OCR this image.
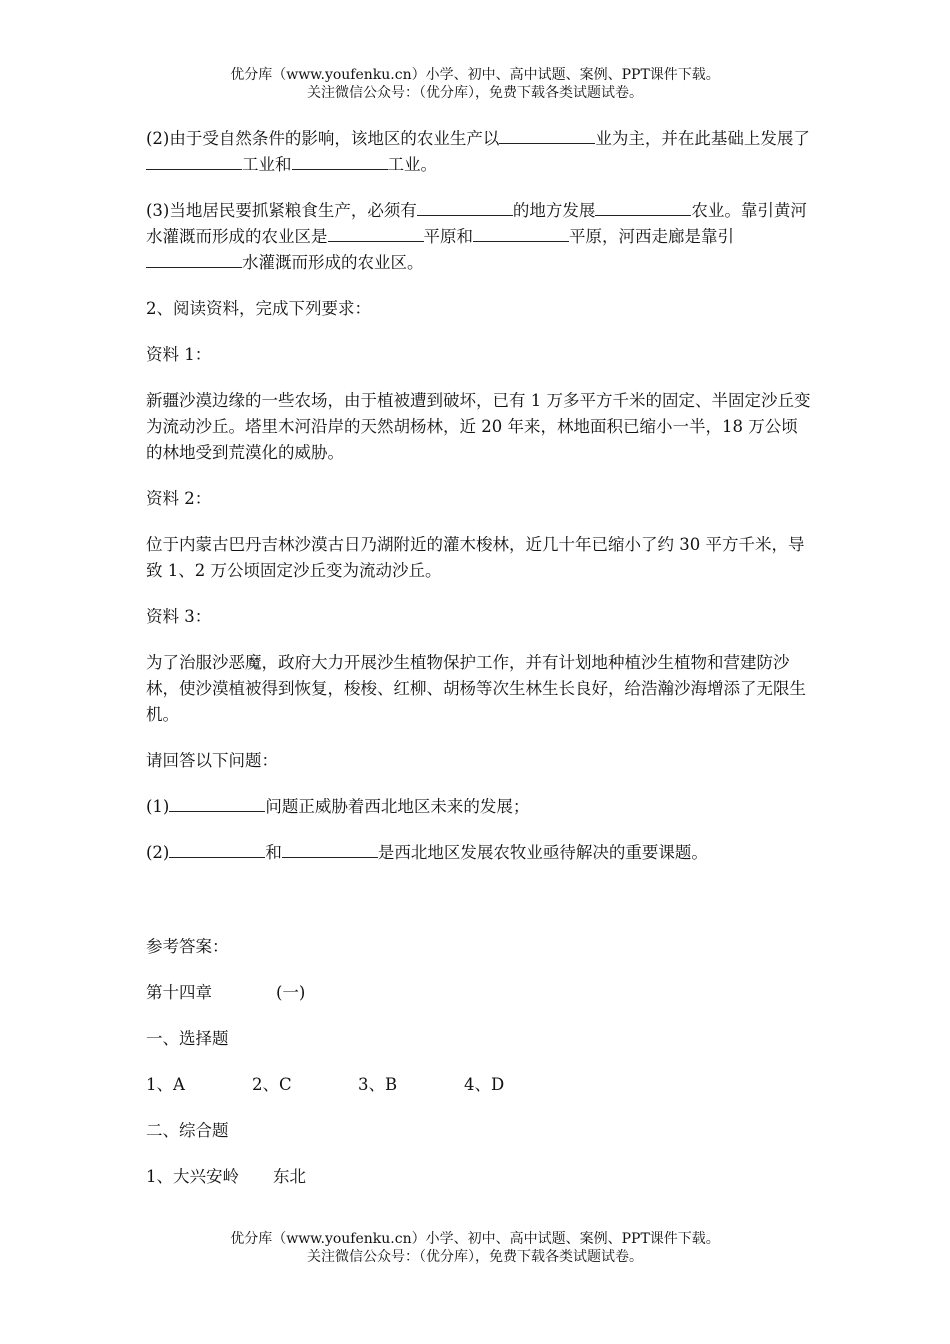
优分库（www.youfenku.cn）小学、初中、高中试题、案例、PPT课件下载。
关注微信公众号：（优分库），免费下载各类试题试卷。

(2)由于受自然条件的影响，该地区的农业生产以	业为主，并在此基础上发展了工业和	工业。

(3)当地居民要抓紧粮食生产，必须有	的地方发展	农业。靠引黄河水灌溉而形成的农业区是	平原和	平原，河西走廊是靠引水灌溉而形成的农业区。

2、阅读资料，完成下列要求：

资料 1：

新疆沙漠边缘的一些农场，由于植被遭到破坏，已有 1 万多平方千米的固定、半固定沙丘变为流动沙丘。塔里木河沿岸的天然胡杨林，近 20 年来，林地面积已缩小一半，18 万公顷的林地受到荒漠化的威胁。

资料 2：

位于内蒙古巴丹吉林沙漠古日乃湖附近的灌木梭林，近几十年已缩小了约 30 平方千米，导致 1、2 万公顷固定沙丘变为流动沙丘。

资料 3：

为了治服沙恶魔，政府大力开展沙生植物保护工作，并有计划地种植沙生植物和营建防沙林，使沙漠植被得到恢复，梭梭、红柳、胡杨等次生林生长良好，给浩瀚沙海增添了无限生机。

请回答以下问题：

(1)	问题正威胁着西北地区未来的发展；

(2)	和	是西北地区发展农牧业亟待解决的重要课题。

参考答案：

第十四章	(一)

一、选择题

1、A	2、C	3、B	4、D

二、综合题

1、大兴安岭 东北

优分库（www.youfenku.cn）小学、初中、高中试题、案例、PPT课件下载。
关注微信公众号：（优分库），免费下载各类试题试卷。
